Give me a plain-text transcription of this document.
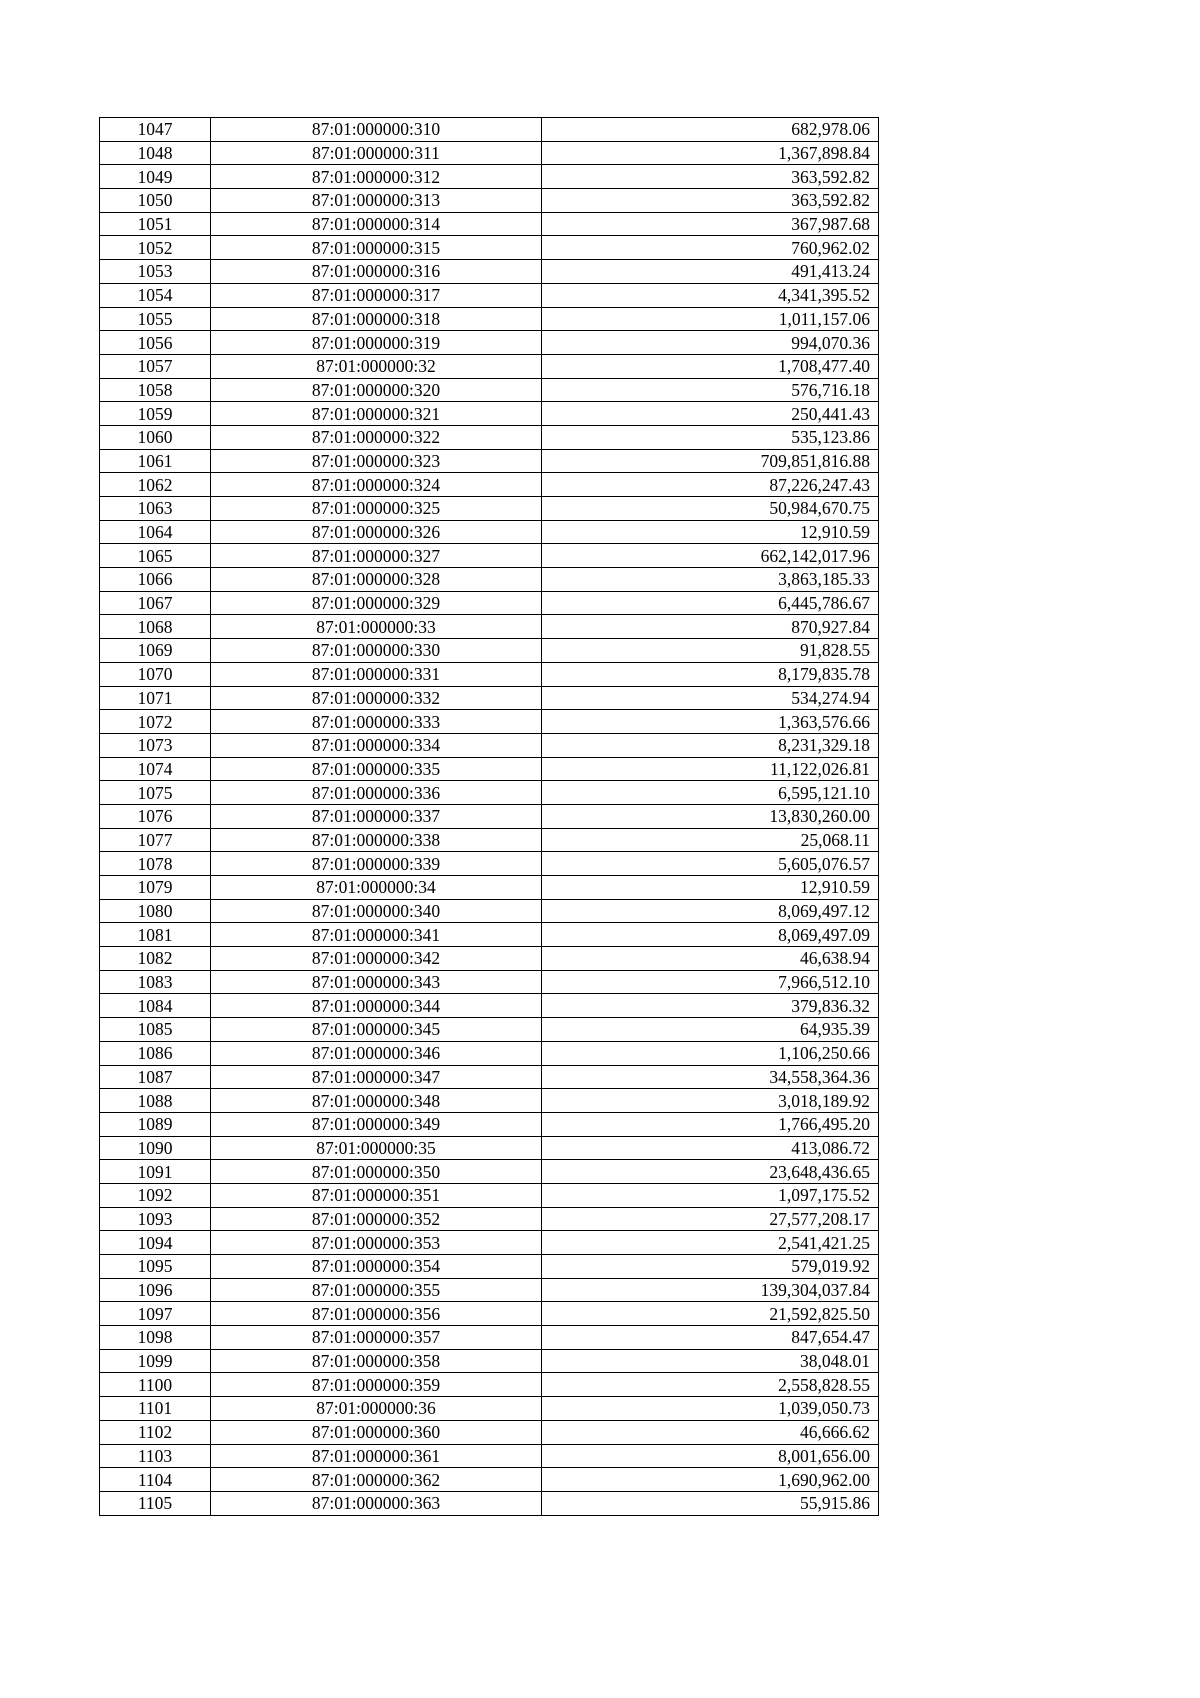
1047	87:01:000000:310	682,978.06
1048	87:01:000000:311	1,367,898.84
1049	87:01:000000:312	363,592.82
1050	87:01:000000:313	363,592.82
1051	87:01:000000:314	367,987.68
1052	87:01:000000:315	760,962.02
1053	87:01:000000:316	491,413.24
1054	87:01:000000:317	4,341,395.52
1055	87:01:000000:318	1,011,157.06
1056	87:01:000000:319	994,070.36
1057	87:01:000000:32	1,708,477.40
1058	87:01:000000:320	576,716.18
1059	87:01:000000:321	250,441.43
1060	87:01:000000:322	535,123.86
1061	87:01:000000:323	709,851,816.88
1062	87:01:000000:324	87,226,247.43
1063	87:01:000000:325	50,984,670.75
1064	87:01:000000:326	12,910.59
1065	87:01:000000:327	662,142,017.96
1066	87:01:000000:328	3,863,185.33
1067	87:01:000000:329	6,445,786.67
1068	87:01:000000:33	870,927.84
1069	87:01:000000:330	91,828.55
1070	87:01:000000:331	8,179,835.78
1071	87:01:000000:332	534,274.94
1072	87:01:000000:333	1,363,576.66
1073	87:01:000000:334	8,231,329.18
1074	87:01:000000:335	11,122,026.81
1075	87:01:000000:336	6,595,121.10
1076	87:01:000000:337	13,830,260.00
1077	87:01:000000:338	25,068.11
1078	87:01:000000:339	5,605,076.57
1079	87:01:000000:34	12,910.59
1080	87:01:000000:340	8,069,497.12
1081	87:01:000000:341	8,069,497.09
1082	87:01:000000:342	46,638.94
1083	87:01:000000:343	7,966,512.10
1084	87:01:000000:344	379,836.32
1085	87:01:000000:345	64,935.39
1086	87:01:000000:346	1,106,250.66
1087	87:01:000000:347	34,558,364.36
1088	87:01:000000:348	3,018,189.92
1089	87:01:000000:349	1,766,495.20
1090	87:01:000000:35	413,086.72
1091	87:01:000000:350	23,648,436.65
1092	87:01:000000:351	1,097,175.52
1093	87:01:000000:352	27,577,208.17
1094	87:01:000000:353	2,541,421.25
1095	87:01:000000:354	579,019.92
1096	87:01:000000:355	139,304,037.84
1097	87:01:000000:356	21,592,825.50
1098	87:01:000000:357	847,654.47
1099	87:01:000000:358	38,048.01
1100	87:01:000000:359	2,558,828.55
1101	87:01:000000:36	1,039,050.73
1102	87:01:000000:360	46,666.62
1103	87:01:000000:361	8,001,656.00
1104	87:01:000000:362	1,690,962.00
1105	87:01:000000:363	55,915.86
